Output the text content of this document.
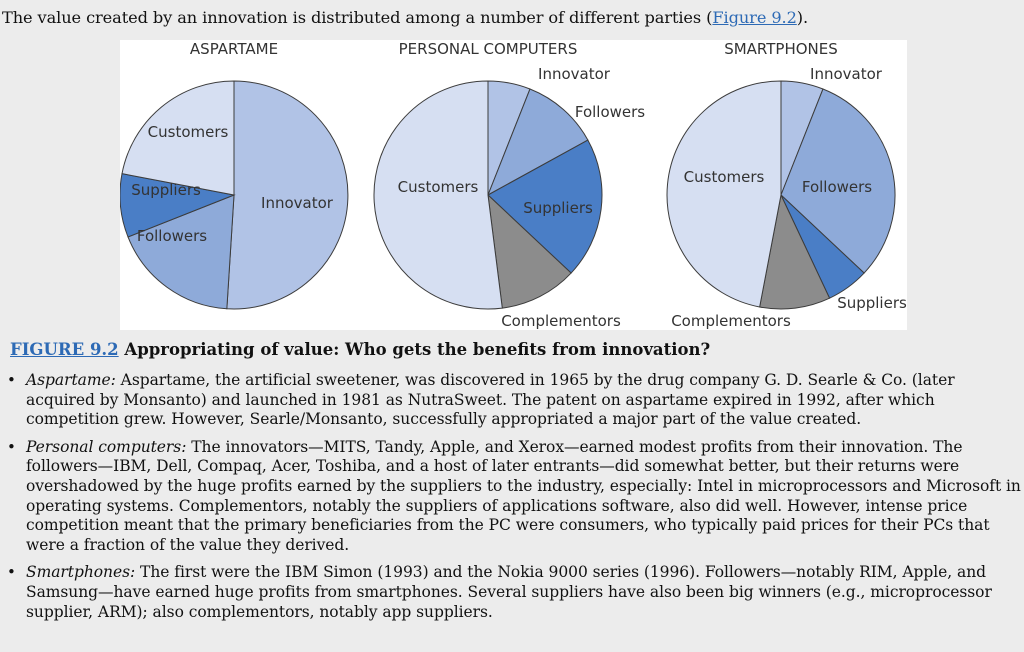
The value created by an innovation is distributed among a number of different parties (Figure 9.2).
ASPARTAME
Innovator
Followers
Suppliers
Customers
PERSONAL COMPUTERS
Innovator
Followers
Suppliers
Complementors
Customers
SMARTPHONES
Innovator
Followers
Suppliers
Complementors
Customers
FIGURE 9.2 Appropriating of value: Who gets the benefits from innovation?
• Aspartame: Aspartame, the artificial sweetener, was discovered in 1965 by the drug company G. D. Searle & Co. (later acquired by Monsanto) and launched in 1981 as NutraSweet. The patent on aspartame expired in 1992, after which competition grew. However, Searle/Monsanto, successfully appropriated a major part of the value created.
• Personal computers: The innovators—MITS, Tandy, Apple, and Xerox—earned modest profits from their innovation. The followers—IBM, Dell, Compaq, Acer, Toshiba, and a host of later entrants—did somewhat better, but their returns were overshadowed by the huge profits earned by the suppliers to the industry, especially: Intel in microprocessors and Microsoft in operating systems. Complementors, notably the suppliers of applications software, also did well. However, intense price competition meant that the primary beneficiaries from the PC were consumers, who typically paid prices for their PCs that were a fraction of the value they derived.
• Smartphones: The first were the IBM Simon (1993) and the Nokia 9000 series (1996). Followers—notably RIM, Apple, and Samsung—have earned huge profits from smartphones. Several suppliers have also been big winners (e.g., microprocessor supplier, ARM); also complementors, notably app suppliers.
